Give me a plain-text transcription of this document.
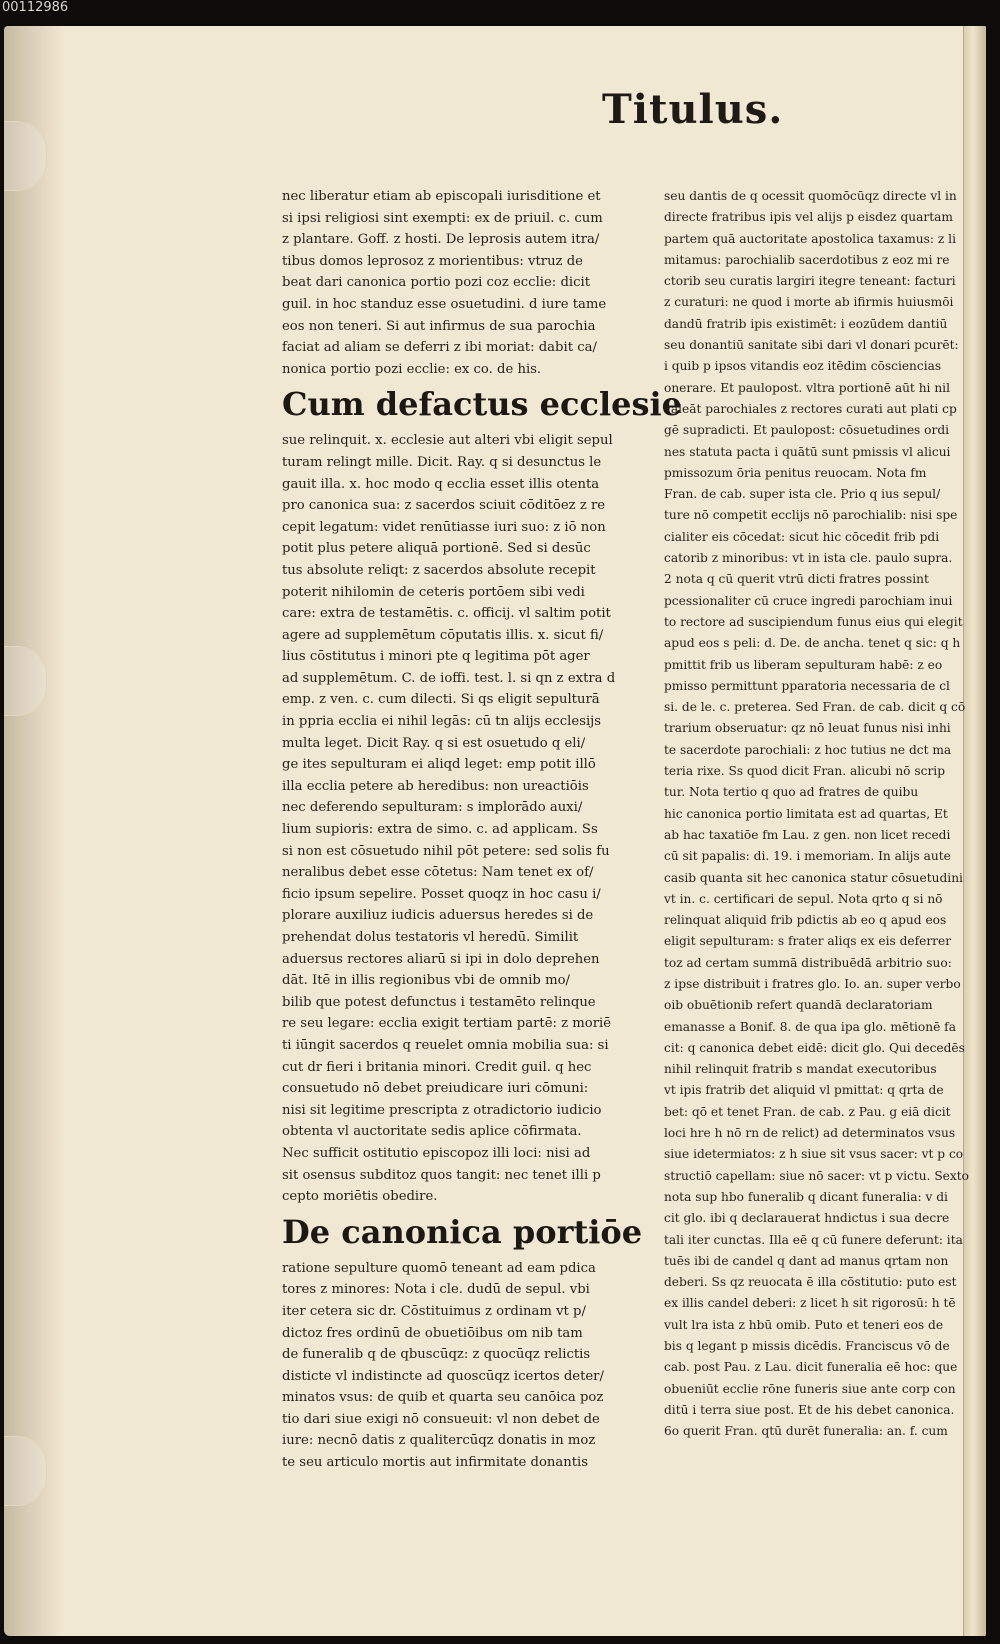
00112986
Titulus.
nec liberatur etiam ab episcopali iurisditione et
si ipsi religiosi sint exempti: ex de priuil. c. cum
z plantare. Goff. z hosti. De leprosis autem itra/
tibus domos leprosoz z morientibus: vtruz de
beat dari canonica portio pozi coz ecclie: dicit
guil. in hoc standuz esse osuetudini. d iure tame
eos non teneri. Si aut infirmus de sua parochia
faciat ad aliam se deferri z ibi moriat: dabit ca/
nonica portio pozi ecclie: ex co. de his.
Cum defactus ecclesie
sue relinquit. x. ecclesie aut alteri vbi eligit sepul
turam relingt mille. Dicit. Ray. q si desunctus le
gauit illa. x. hoc modo q ecclia esset illis otenta
pro canonica sua: z sacerdos sciuit cōditōez z re
cepit legatum: videt renūtiasse iuri suo: z iō non
potit plus petere aliquā portionē. Sed si desūc
tus absolute reliqt: z sacerdos absolute recepit
poterit nihilomin de ceteris portōem sibi vedi
care: extra de testamētis. c. officij. vl saltim potit
agere ad supplemētum cōputatis illis. x. sicut fi/
lius cōstitutus i minori pte q legitima pōt ager
ad supplemētum. C. de ioffi. test. l. si qn z extra d
emp. z ven. c. cum dilecti. Si qs eligit sepulturā
in ppria ecclia ei nihil legās: cū tn alijs ecclesijs
multa leget. Dicit Ray. q si est osuetudo q eli/
ge ites sepulturam ei aliqd leget: emp potit illō
illa ecclia petere ab heredibus: non ureactiōis
nec deferendo sepulturam: s implorādo auxi/
lium supioris: extra de simo. c. ad applicam. Ss
si non est cōsuetudo nihil pōt petere: sed solis fu
neralibus debet esse cōtetus: Nam tenet ex of/
ficio ipsum sepelire. Posset quoqz in hoc casu i/
plorare auxiliuz iudicis aduersus heredes si de
prehendat dolus testatoris vl heredū. Similit
aduersus rectores aliarū si ipi in dolo deprehen
dāt. Itē in illis regionibus vbi de omnib mo/
bilib que potest defunctus i testamēto relinque
re seu legare: ecclia exigit tertiam partē: z moriē
ti iūngit sacerdos q reuelet omnia mobilia sua: si
cut dr fieri i britania minori. Credit guil. q hec
consuetudo nō debet preiudicare iuri cōmuni:
nisi sit legitime prescripta z otradictorio iudicio
obtenta vl auctoritate sedis aplice cōfirmata.
Nec sufficit ostitutio episcopoz illi loci: nisi ad
sit osensus subditoz quos tangit: nec tenet illi p
cepto moriētis obedire.
De canonica portiōe
ratione sepulture quomō teneant ad eam pdica
tores z minores: Nota i cle. dudū de sepul. vbi
iter cetera sic dr. Cōstituimus z ordinam vt p/
dictoz fres ordinū de obuetiōibus om nib tam
de funeralib q de qbuscūqz: z quocūqz relictis
disticte vl indistincte ad quoscūqz icertos deter/
minatos vsus: de quib et quarta seu canōica poz
tio dari siue exigi nō consueuit: vl non debet de
iure: necnō datis z qualitercūqz donatis in moz
te seu articulo mortis aut infirmitate donantis
seu dantis de q ocessit quomōcūqz directe vl in
directe fratribus ipis vel alijs p eisdez quartam
partem quā auctoritate apostolica taxamus: z li
mitamus: parochialib sacerdotibus z eoz mi re
ctorib seu curatis largiri itegre teneant: facturi
z curaturi: ne quod i morte ab ifirmis huiusmōi
dandū fratrib ipis existimēt: i eozūdem dantiū
seu donantiū sanitate sibi dari vl donari pcurēt:
i quib p ipsos vitandis eoz itēdim cōsciencias
onerare. Et paulopost. vltra portionē aūt hi nil
valeāt parochiales z rectores curati aut plati cp
gē supradicti. Et paulopost: cōsuetudines ordi
nes statuta pacta i quātū sunt pmissis vl alicui
pmissozum ōria penitus reuocam. Nota fm
Fran. de cab. super ista cle. Prio q ius sepul/
ture nō competit ecclijs nō parochialib: nisi spe
cialiter eis cōcedat: sicut hic cōcedit frib pdi
catorib z minoribus: vt in ista cle. paulo supra.
2 nota q cū querit vtrū dicti fratres possint
pcessionaliter cū cruce ingredi parochiam inui
to rectore ad suscipiendum funus eius qui elegit
apud eos s peli: d. De. de ancha. tenet q sic: q h
pmittit frib us liberam sepulturam habē: z eo
pmisso permittunt pparatoria necessaria de cl
si. de le. c. preterea. Sed Fran. de cab. dicit q cō
trarium obseruatur: qz nō leuat funus nisi inhi
te sacerdote parochiali: z hoc tutius ne dct ma
teria rixe. Ss quod dicit Fran. alicubi nō scrip
tur. Nota tertio q quo ad fratres de quibu
hic canonica portio limitata est ad quartas, Et
ab hac taxatiōe fm Lau. z gen. non licet recedi
cū sit papalis: di. 19. i memoriam. In alijs aute
casib quanta sit hec canonica statur cōsuetudini
vt in. c. certificari de sepul. Nota qrto q si nō
relinquat aliquid frib pdictis ab eo q apud eos
eligit sepulturam: s frater aliqs ex eis deferrer
toz ad certam summā distribuēdā arbitrio suo:
z ipse distribuit i fratres glo. Io. an. super verbo
oib obuētionib refert quandā declaratoriam
emanasse a Bonif. 8. de qua ipa glo. mētionē fa
cit: q canonica debet eidē: dicit glo. Qui decedēs
nihil relinquit fratrib s mandat executoribus
vt ipis fratrib det aliquid vl pmittat: q qrta de
bet: qō et tenet Fran. de cab. z Pau. g eiā dicit
loci hre h nō rn de relict) ad determinatos vsus
siue idetermiatos: z h siue sit vsus sacer: vt p co
structiō capellam: siue nō sacer: vt p victu. Sexto
nota sup hbo funeralib q dicant funeralia: v di
cit glo. ibi q declarauerat hndictus i sua decre
tali iter cunctas. Illa eē q cū funere deferunt: ita
tuēs ibi de candel q dant ad manus qrtam non
deberi. Ss qz reuocata ē illa cōstitutio: puto est
ex illis candel deberi: z licet h sit rigorosū: h tē
vult lra ista z hbū omib. Puto et teneri eos de
bis q legant p missis dicēdis. Franciscus vō de
cab. post Pau. z Lau. dicit funeralia eē hoc: que
obueniūt ecclie rōne funeris siue ante corp con
ditū i terra siue post. Et de his debet canonica.
6o querit Fran. qtū durēt funeralia: an. f. cum
